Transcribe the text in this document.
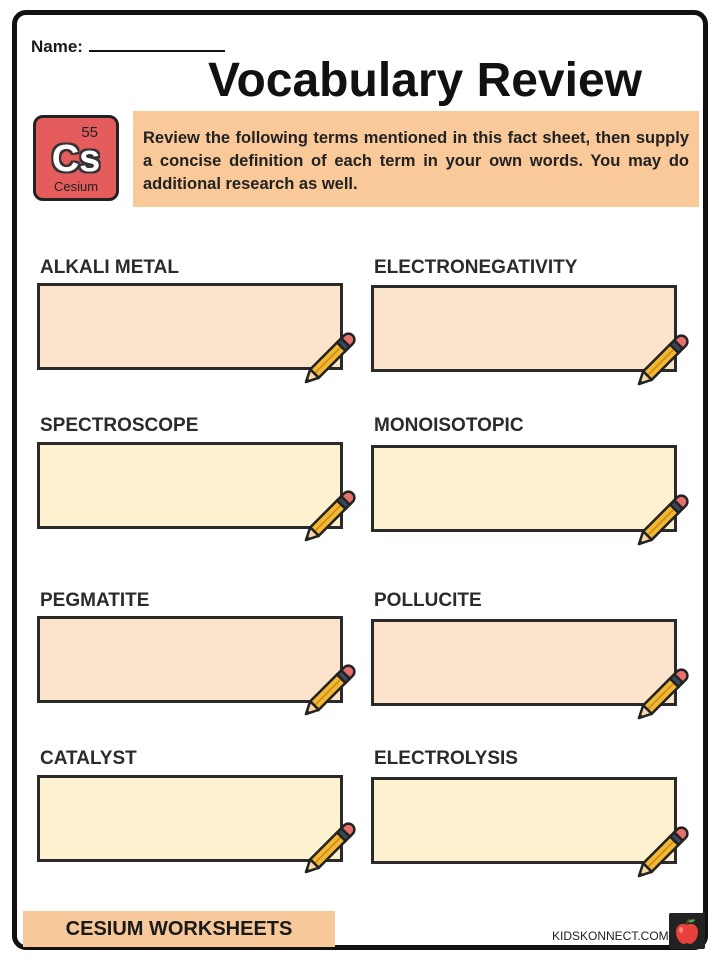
Name:
Vocabulary Review
55
Cs
Cesium
Review the following terms mentioned in this fact sheet, then supply a concise definition of each term in your own words. You may do additional research as well.
ALKALI METAL	ELECTRONEGATIVITY
SPECTROSCOPE	MONOISOTOPIC
PEGMATITE	POLLUCITE
CATALYST	ELECTROLYSIS
CESIUM WORKSHEETS	KIDSKONNECT.COM
